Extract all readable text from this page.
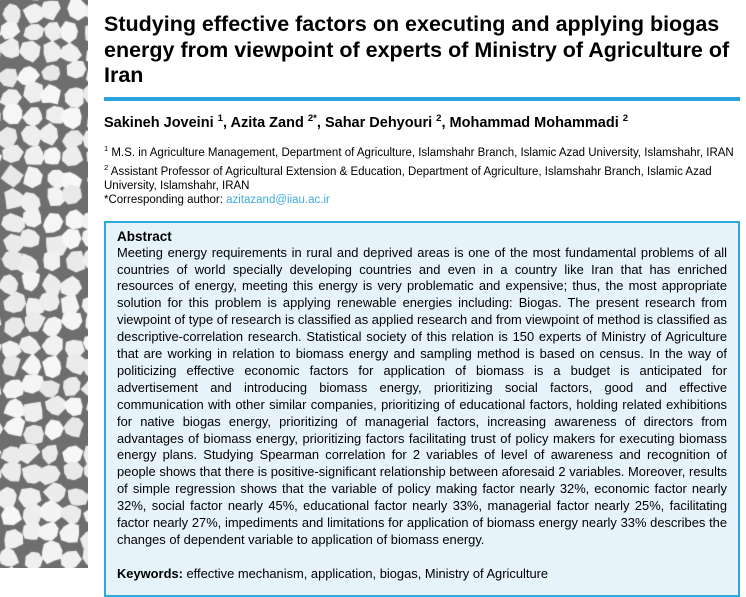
Studying effective factors on executing and applying biogas energy from viewpoint of experts of Ministry of Agriculture of Iran

Sakineh Joveini $^1$, Azita Zand $^{2*}$, Sahar Dehyouri $^2$, Mohammad Mohammadi $^2$

$^1$ M.S. in Agriculture Management, Department of Agriculture, Islamshahr Branch, Islamic Azad University, Islamshahr, IRAN

$^2$ Assistant Professor of Agricultural Extension & Education, Department of Agriculture, Islamshahr Branch, Islamic Azad University, Islamshahr, IRAN

*Corresponding author: azitazand@iiau.ac.ir

Abstract

Meeting energy requirements in rural and deprived areas is one of the most fundamental problems of all countries of world specially developing countries and even in a country like Iran that has enriched resources of energy, meeting this energy is very problematic and expensive; thus, the most appropriate solution for this problem is applying renewable energies including: Biogas. The present research from viewpoint of type of research is classified as applied research and from viewpoint of method is classified as descriptive-correlation research. Statistical society of this relation is 150 experts of Ministry of Agriculture that are working in relation to biomass energy and sampling method is based on census. In the way of politicizing effective economic factors for application of biomass is a budget is anticipated for advertisement and introducing biomass energy, prioritizing social factors, good and effective communication with other similar companies, prioritizing of educational factors, holding related exhibitions for native biogas energy, prioritizing of managerial factors, increasing awareness of directors from advantages of biomass energy, prioritizing factors facilitating trust of policy makers for executing biomass energy plans. Studying Spearman correlation for 2 variables of level of awareness and recognition of people shows that there is positive-significant relationship between aforesaid 2 variables. Moreover, results of simple regression shows that the variable of policy making factor nearly 32%, economic factor nearly 32%, social factor nearly 45%, educational factor nearly 33%, managerial factor nearly 25%, facilitating factor nearly 27%, impediments and limitations for application of biomass energy nearly 33% describes the changes of dependent variable to application of biomass energy.

Keywords: effective mechanism, application, biogas, Ministry of Agriculture
